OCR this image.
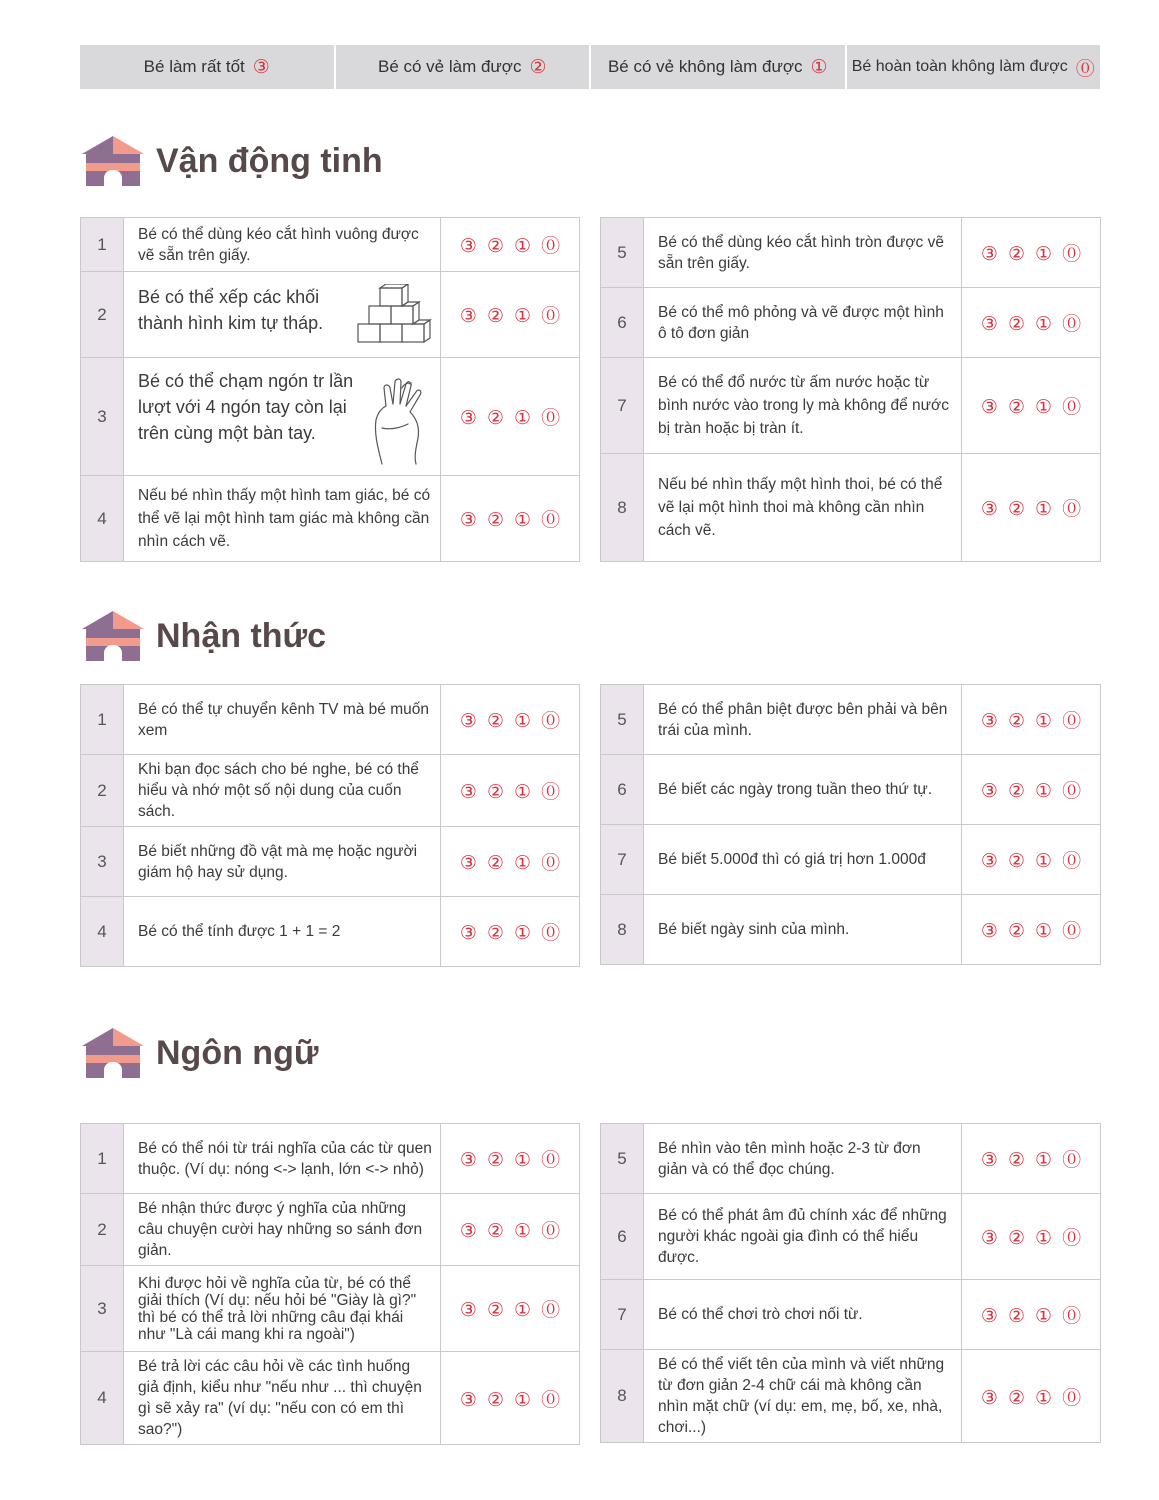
Bé làm rất tốt ③	Bé có vẻ làm được ②	Bé có vẻ không làm được ① Bé hoàn toàn không làm được ⓪
Vận động tinh
1	Bé có thể dùng kéo cắt hình vuông được vẽ sẵn trên giấy.	③ ② ① ⓪
2	Bé có thể xếp các khối thành hình kim tự tháp.	③ ② ① ⓪
3	Bé có thể chạm ngón tr lần lượt với 4 ngón tay còn lại trên cùng một bàn tay.	③ ② ① ⓪
4	Nếu bé nhìn thấy một hình tam giác, bé có thể vẽ lại một hình tam giác mà không cần nhìn cách vẽ.	③ ② ① ⓪
5	Bé có thể dùng kéo cắt hình tròn được vẽ sẵn trên giấy.	③ ② ① ⓪
6	Bé có thể mô phỏng và vẽ được một hình ô tô đơn giản	③ ② ① ⓪
7	Bé có thể đổ nước từ ấm nước hoặc từ bình nước vào trong ly mà không để nước bị tràn hoặc bị tràn ít.	③ ② ① ⓪
8	Nếu bé nhìn thấy một hình thoi, bé có thể vẽ lại một hình thoi mà không cần nhìn cách vẽ.	③ ② ① ⓪
Nhận thức
1	Bé có thể tự chuyển kênh TV mà bé muốn xem	③ ② ① ⓪
2	Khi bạn đọc sách cho bé nghe, bé có thể hiểu và nhớ một số nội dung của cuốn sách.	③ ② ① ⓪
3	Bé biết những đồ vật mà mẹ hoặc người giám hộ hay sử dụng.	③ ② ① ⓪
4	Bé có thể tính được 1 + 1 = 2	③ ② ① ⓪
5	Bé có thể phân biệt được bên phải và bên trái của mình.	③ ② ① ⓪
6	Bé biết các ngày trong tuần theo thứ tự.	③ ② ① ⓪
7	Bé biết 5.000đ thì có giá trị hơn 1.000đ	③ ② ① ⓪
8	Bé biết ngày sinh của mình.	③ ② ① ⓪
Ngôn ngữ
1	Bé có thể nói từ trái nghĩa của các từ quen thuộc. (Ví dụ: nóng <-> lạnh, lớn <-> nhỏ)	③ ② ① ⓪
2	Bé nhận thức được ý nghĩa của những câu chuyện cười hay những so sánh đơn giản.	③ ② ① ⓪
3	Khi được hỏi về nghĩa của từ, bé có thể giải thích (Ví dụ: nếu hỏi bé "Giày là gì?" thì bé có thể trả lời những câu đại khái như "Là cái mang khi ra ngoài")	③ ② ① ⓪
4	Bé trả lời các câu hỏi về các tình huống giả định, kiểu như "nếu như ... thì chuyện gì sẽ xảy ra" (ví dụ: "nếu con có em thì sao?")	③ ② ① ⓪
5	Bé nhìn vào tên mình hoặc 2-3 từ đơn giản và có thể đọc chúng.	③ ② ① ⓪
6	Bé có thể phát âm đủ chính xác để những người khác ngoài gia đình có thể hiểu được.	③ ② ① ⓪
7	Bé có thể chơi trò chơi nối từ.	③ ② ① ⓪
8	Bé có thể viết tên của mình và viết những từ đơn giản 2-4 chữ cái mà không cần nhìn mặt chữ (ví dụ: em, mẹ, bố, xe, nhà, chơi...)	③ ② ① ⓪
